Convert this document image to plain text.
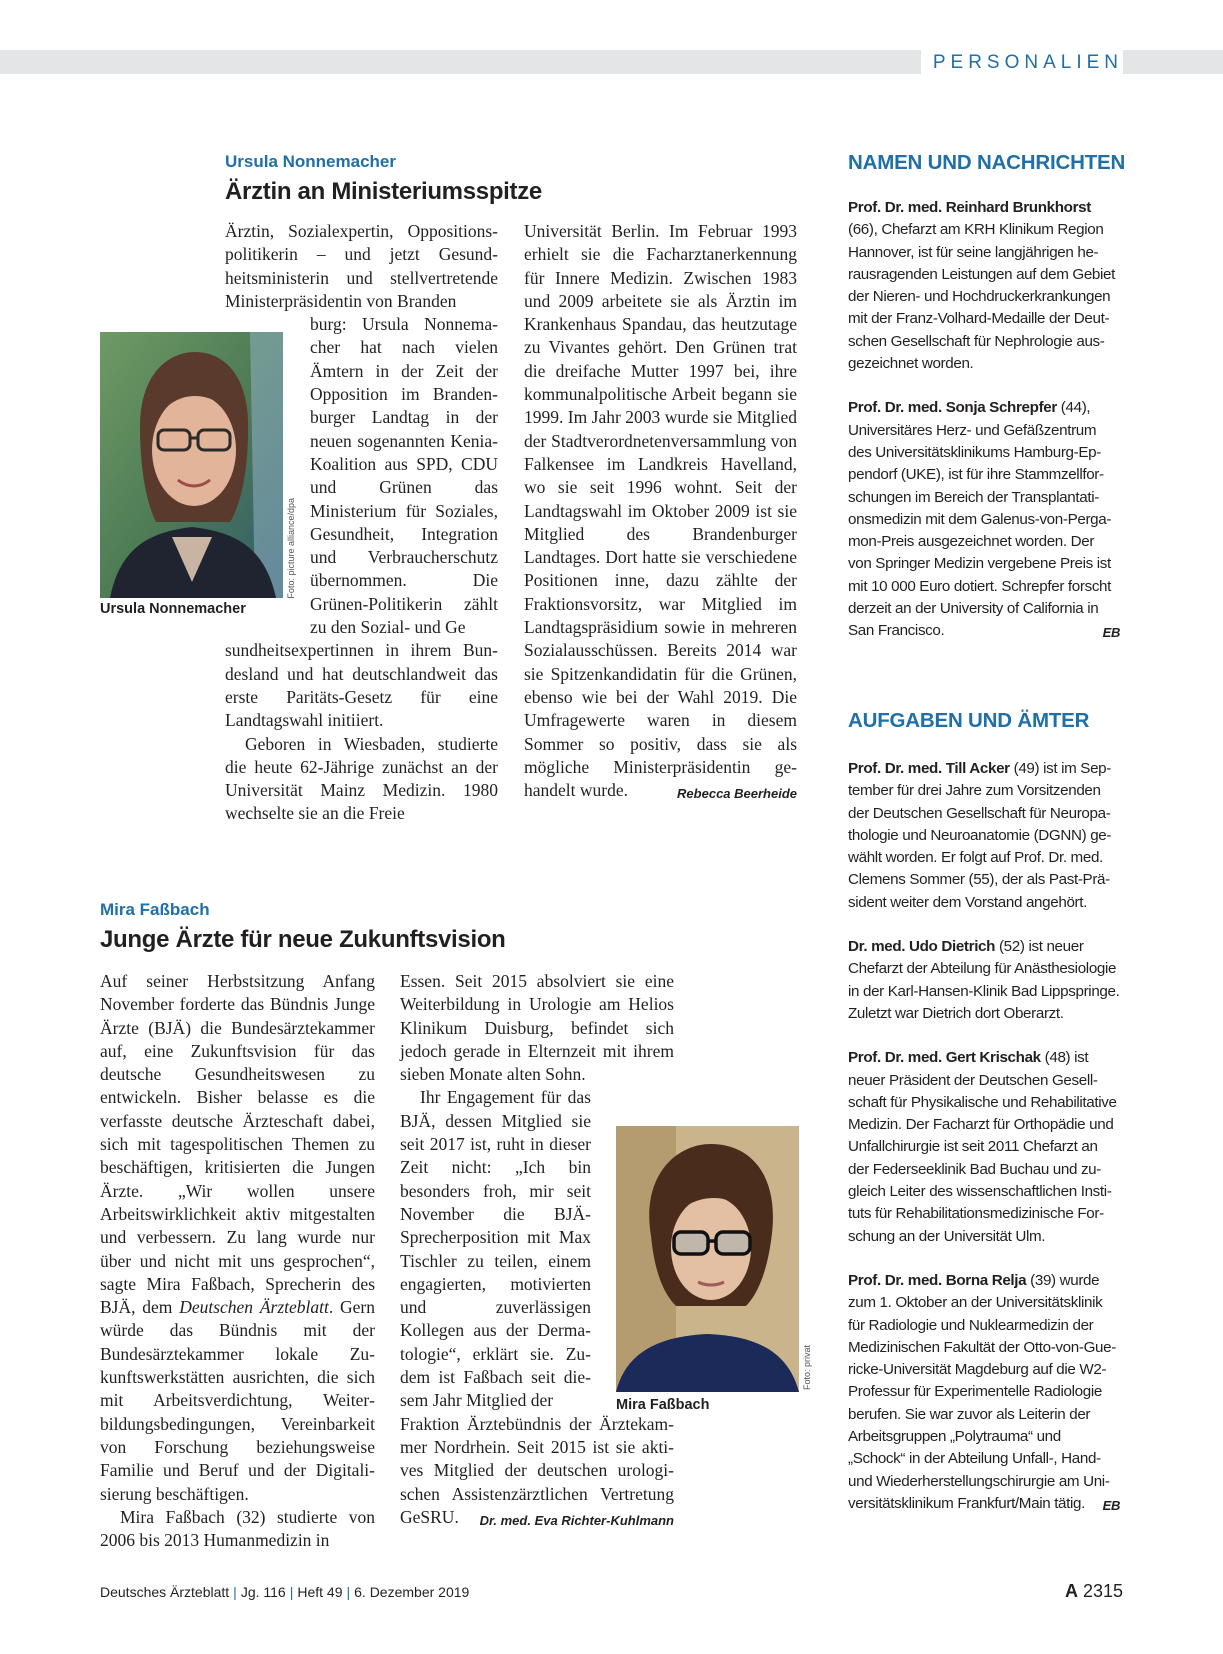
PERSONALIEN
Ursula Nonnemacher
Ärztin an Ministeriumsspitze
Foto: picture alliance/dpa
Ursula Nonnemacher

Ärztin, Sozialexpertin, Oppositionspolitikerin – und jetzt Gesundheitsministerin und stellvertretende Ministerpräsidentin von Branden
burg: Ursula Nonnemacher hat nach vielen Ämtern in der Zeit der Opposition im Brandenburger Landtag in der neuen sogenannten Kenia-Koalition aus SPD, CDU und Grünen das Ministerium für Soziales, Gesundheit, Integration und Verbraucherschutz übernommen. Die Grünen-Politikerin zählt zu den Sozial- und Ge
sundheitsexpertinnen in ihrem Bundesland und hat deutschlandweit das erste Paritäts-Gesetz für eine Landtagswahl initiiert.

Geboren in Wiesbaden, studierte die heute 62-Jährige zunächst an der Universität Mainz Medizin. 1980 wechselte sie an die Freie

Universität Berlin. Im Februar 1993 erhielt sie die Facharztanerkennung für Innere Medizin. Zwischen 1983 und 2009 arbeitete sie als Ärztin im Krankenhaus Spandau, das heutzutage zu Vivantes gehört. Den Grünen trat die dreifache Mutter 1997 bei, ihre kommunalpolitische Arbeit begann sie 1999. Im Jahr 2003 wurde sie Mitglied der Stadtverordnetenversammlung von Falkensee im Landkreis Havelland, wo sie seit 1996 wohnt. Seit der Landtagswahl im Oktober 2009 ist sie Mitglied des Brandenburger Landtages. Dort hatte sie verschiedene Positionen inne, dazu zählte der Fraktionsvorsitz, war Mitglied im Landtagspräsidium sowie in mehreren Sozialausschüssen. Bereits 2014 war sie Spitzenkandidatin für die Grünen, ebenso wie bei der Wahl 2019. Die Umfragewerte waren in diesem Sommer so positiv, dass sie als mögliche Ministerpräsidentin gehandelt wurde.	Rebecca Beerheide

Mira Faßbach
Junge Ärzte für neue Zukunftsvision

Auf seiner Herbstsitzung Anfang November forderte das Bündnis Junge Ärzte (BJÄ) die Bundesärztekammer auf, eine Zukunftsvision für das deutsche Gesundheitswesen zu entwickeln. Bisher belasse es die verfasste deutsche Ärzteschaft dabei, sich mit tagespolitischen Themen zu beschäftigen, kritisierten die Jungen Ärzte. „Wir wollen unsere Arbeitswirklichkeit aktiv mitgestalten und verbessern. Zu lang wurde nur über und nicht mit uns gesprochen“, sagte Mira Faßbach, Sprecherin des BJÄ, dem Deutschen Ärzteblatt. Gern würde das Bündnis mit der Bundesärztekammer lokale Zukunftswerkstätten ausrichten, die sich mit Arbeitsverdichtung, Weiterbildungsbedingungen, Vereinbarkeit von Forschung beziehungsweise Familie und Beruf und der Digitalisierung beschäftigen.

Mira Faßbach (32) studierte von 2006 bis 2013 Humanmedizin in

Foto: privat
Mira Faßbach

Essen. Seit 2015 absolviert sie eine Weiterbildung in Urologie am Helios Klinikum Duisburg, befindet sich jedoch gerade in Elternzeit mit ihrem sieben Monate alten Sohn.

Ihr Engagement für das BJÄ, dessen Mitglied sie seit 2017 ist, ruht in dieser Zeit nicht: „Ich bin besonders froh, mir seit November die BJÄ-Sprecherposition mit Max Tischler zu teilen, einem engagierten, motivierten und zuverlässigen Kollegen aus der Dermatologie“, erklärt sie. Zudem ist Faßbach seit diesem Jahr Mitglied der
Fraktion Ärztebündnis der Ärztekammer Nordrhein. Seit 2015 ist sie aktives Mitglied der deutschen urologischen Assistenzärztlichen Vertretung GeSRU.	Dr. med. Eva Richter-Kuhlmann

NAMEN UND NACHRICHTEN

Prof. Dr. med. Reinhard Brunkhorst (66), Chefarzt am KRH Klinikum Region Hannover, ist für seine langjährigen herausragenden Leistungen auf dem Gebiet der Nieren- und Hochdruckerkrankungen mit der Franz-Volhard-Medaille der Deutschen Gesellschaft für Nephrologie ausgezeichnet worden.

Prof. Dr. med. Sonja Schrepfer (44), Universitäres Herz- und Gefäßzentrum des Universitätsklinikums Hamburg-Eppendorf (UKE), ist für ihre Stammzellforschungen im Bereich der Transplantationsmedizin mit dem Galenus-von-Pergamon-Preis ausgezeichnet worden. Der von Springer Medizin vergebene Preis ist mit 10 000 Euro dotiert. Schrepfer forscht derzeit an der University of California in San Francisco.	EB

AUFGABEN UND ÄMTER

Prof. Dr. med. Till Acker (49) ist im September für drei Jahre zum Vorsitzenden der Deutschen Gesellschaft für Neuropathologie und Neuroanatomie (DGNN) gewählt worden. Er folgt auf Prof. Dr. med. Clemens Sommer (55), der als Past-Präsident weiter dem Vorstand angehört.

Dr. med. Udo Dietrich (52) ist neuer Chefarzt der Abteilung für Anästhesiologie in der Karl-Hansen-Klinik Bad Lippspringe. Zuletzt war Dietrich dort Oberarzt.

Prof. Dr. med. Gert Krischak (48) ist neuer Präsident der Deutschen Gesellschaft für Physikalische und Rehabilitative Medizin. Der Facharzt für Orthopädie und Unfallchirurgie ist seit 2011 Chefarzt an der Federseeklinik Bad Buchau und zugleich Leiter des wissenschaftlichen Instituts für Rehabilitationsmedizinische Forschung an der Universität Ulm.

Prof. Dr. med. Borna Relja (39) wurde zum 1. Oktober an der Universitätsklinik für Radiologie und Nuklearmedizin der Medizinischen Fakultät der Otto-von-Guericke-Universität Magdeburg auf die W2-Professur für Experimentelle Radiologie berufen. Sie war zuvor als Leiterin der Arbeitsgruppen „Polytrauma“ und „Schock“ in der Abteilung Unfall-, Hand- und Wiederherstellungschirurgie am Universitätsklinikum Frankfurt/Main tätig. EB

Deutsches Ärzteblatt | Jg. 116 | Heft 49 | 6. Dezember 2019	A 2315
